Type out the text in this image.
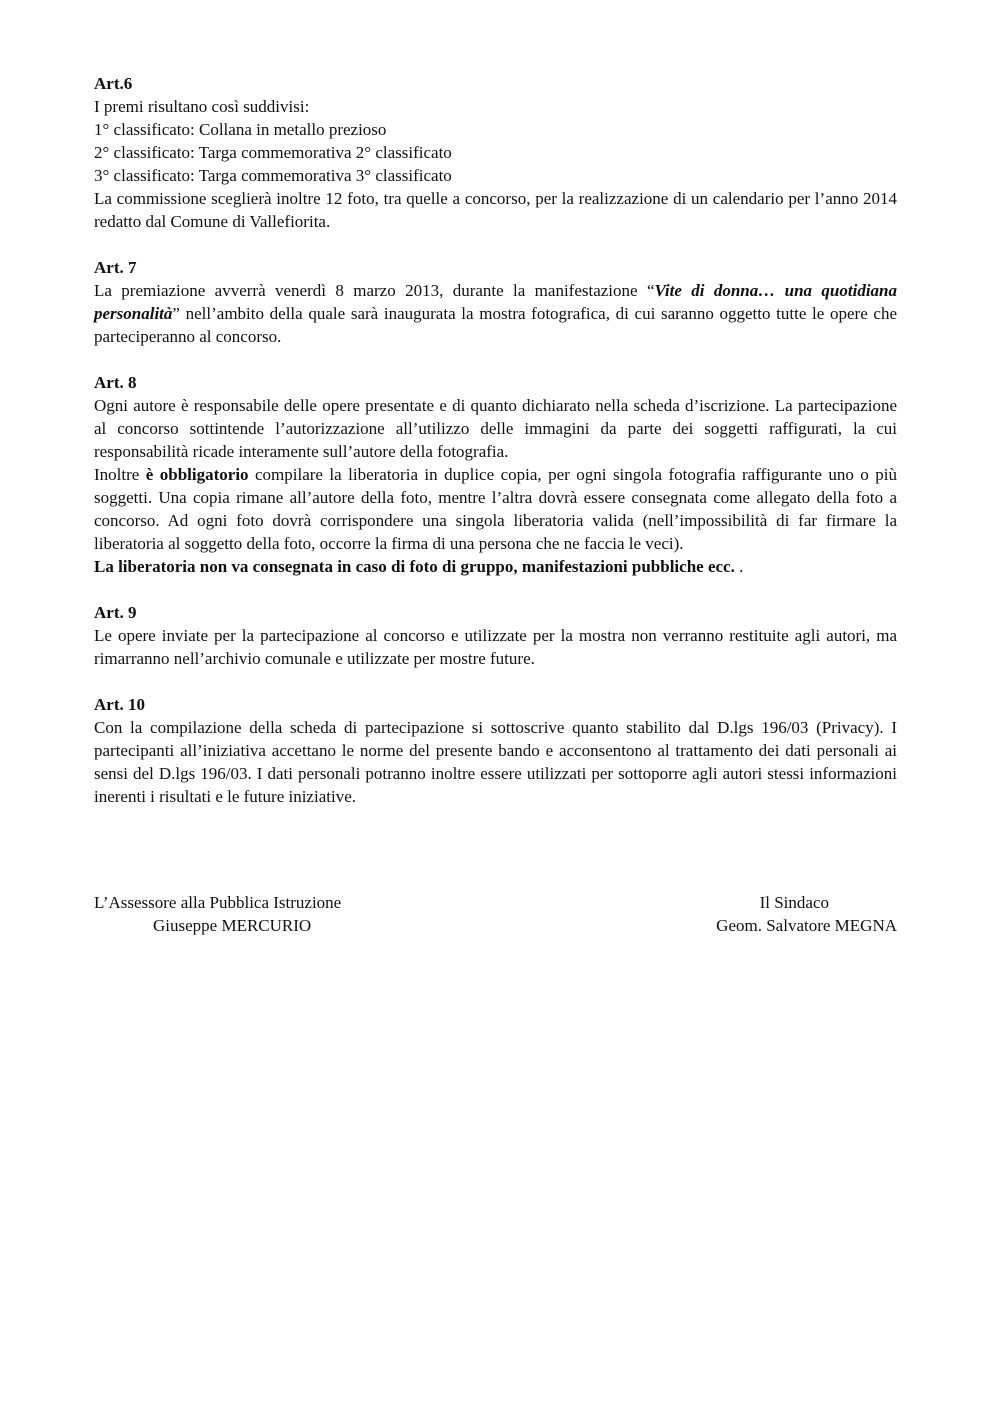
Art.6

I premi risultano così suddivisi:

1° classificato: Collana in metallo prezioso

2° classificato: Targa commemorativa 2° classificato

3° classificato: Targa commemorativa 3° classificato

La commissione sceglierà inoltre 12 foto, tra quelle a concorso, per la realizzazione di un calendario per l’anno 2014 redatto dal Comune di Vallefiorita.

Art. 7

La premiazione avverrà venerdì 8 marzo 2013, durante la manifestazione “Vite di donna… una quotidiana personalità” nell’ambito della quale sarà inaugurata la mostra fotografica, di cui saranno oggetto tutte le opere che parteciperanno al concorso.

Art. 8

Ogni autore è responsabile delle opere presentate e di quanto dichiarato nella scheda d’iscrizione. La partecipazione al concorso sottintende l’autorizzazione all’utilizzo delle immagini da parte dei soggetti raffigurati, la cui responsabilità ricade interamente sull’autore della fotografia.

Inoltre è obbligatorio compilare la liberatoria in duplice copia, per ogni singola fotografia raffigurante uno o più soggetti. Una copia rimane all’autore della foto, mentre l’altra dovrà essere consegnata come allegato della foto a concorso. Ad ogni foto dovrà corrispondere una singola liberatoria valida (nell’impossibilità di far firmare la liberatoria al soggetto della foto, occorre la firma di una persona che ne faccia le veci).

La liberatoria non va consegnata in caso di foto di gruppo, manifestazioni pubbliche ecc. .

Art. 9

Le opere inviate per la partecipazione al concorso e utilizzate per la mostra non verranno restituite agli autori, ma rimarranno nell’archivio comunale e utilizzate per mostre future.

Art. 10

Con la compilazione della scheda di partecipazione si sottoscrive quanto stabilito dal D.lgs 196/03 (Privacy). I partecipanti all’iniziativa accettano le norme del presente bando e acconsentono al trattamento dei dati personali ai sensi del D.lgs 196/03. I dati personali potranno inoltre essere utilizzati per sottoporre agli autori stessi informazioni inerenti i risultati e le future iniziative.

L’Assessore alla Pubblica Istruzione

Giuseppe MERCURIO

Il Sindaco

Geom. Salvatore MEGNA
